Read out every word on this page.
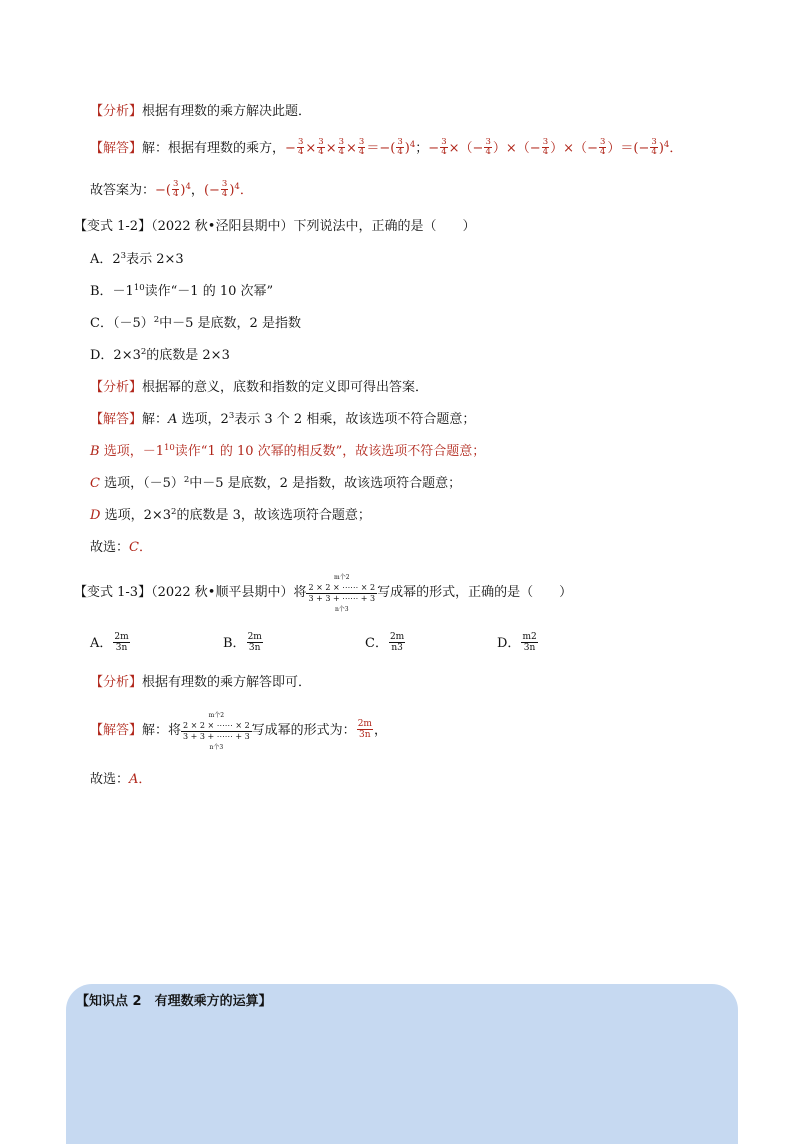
【分析】根据有理数的乘方解决此题．
【解答】解：根据有理数的乘方，− $\frac{3}{4} \times \frac{3}{4} \times \frac{3}{4} \times \frac{3}{4}$ ＝−( $\frac{3}{4} )^4$；− $\frac{3}{4}$ ×（− $\frac{3}{4}$ ）×（− $\frac{3}{4}$ ）×（− $\frac{3}{4}$ ）＝(− $\frac{3}{4} )^4$．
故答案为：−( $\frac{3}{4} )^4$，(− $\frac{3}{4} )^4$．
【变式 1-2】（2022 秋•泾阳县期中）下列说法中，正确的是（　　）
A．$2^3$表示 2×3
B．$-1^{10}$读作“－1 的 10 次幂”
C．$(-5)^2$中－5 是底数，2 是指数
D．$2\times 3^2$的底数是 2×3
【分析】根据幂的意义，底数和指数的定义即可得出答案．
【解答】解：A 选项，$2^3$表示 3 个 2 相乘，故该选项不符合题意；
B 选项，$-1^{10}$读作“1 的 10 次幂的相反数”，故该选项不符合题意；
C 选项，$(-5)^2$中－5 是底数，2 是指数，故该选项符合题意；
D 选项，$2\times 3^2$的底数是 3，故该选项符合题意；
故选：C．
【变式 1-3】（2022 秋•顺平县期中）将
m个2
2 × 2 × ⋯⋯ × 2
3 + 3 + ⋯⋯ + 3
n个3
写成幂的形式，正确的是（　　）
A． $\frac{2m}{3n}$	B． $\frac{2m}{3n}$	C． $\frac{2m}{n3}$	D． $\frac{m2}{3n}$
【分析】根据有理数的乘方解答即可．
【解答】解：将
m个2
2 × 2 × ⋯⋯ × 2
3 + 3 + ⋯⋯ + 3
n个3
写成幂的形式为： $\frac{2m}{3n}$ ，
故选：A．
【知识点 2　有理数乘方的运算】
